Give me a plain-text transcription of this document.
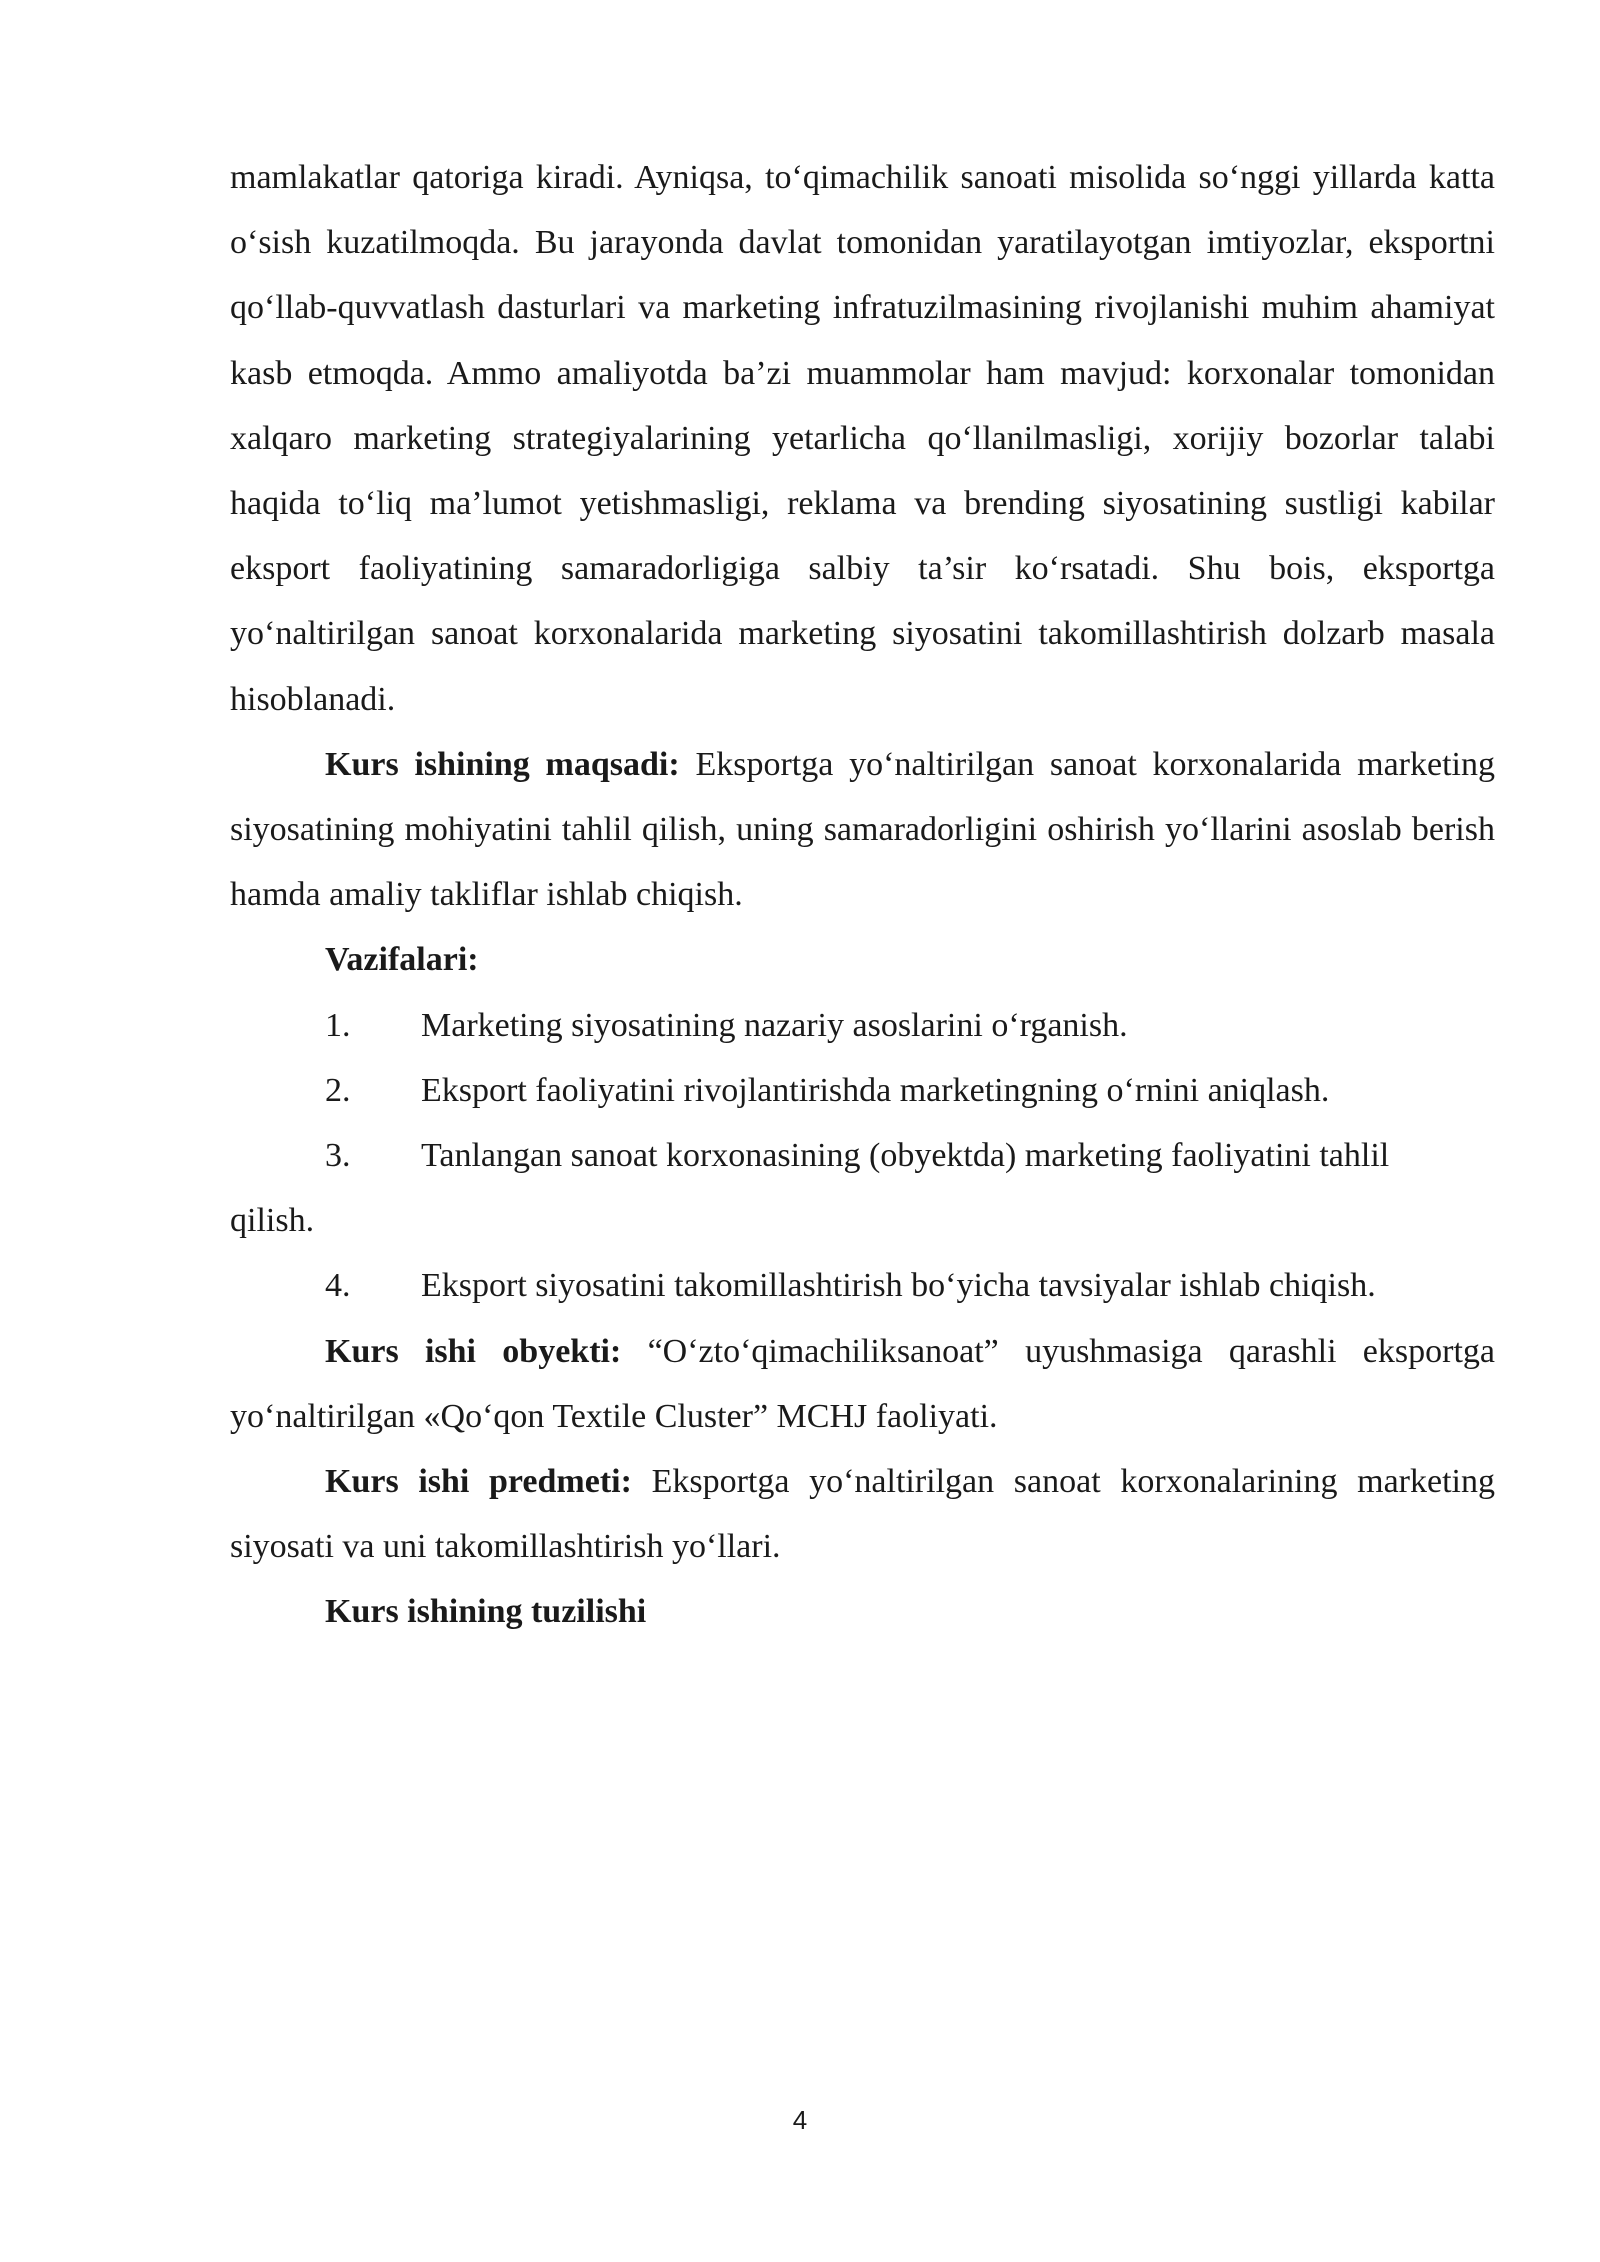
mamlakatlar qatoriga kiradi. Ayniqsa, to‘qimachilik sanoati misolida so‘nggi yillarda katta o‘sish kuzatilmoqda. Bu jarayonda davlat tomonidan yaratilayotgan imtiyozlar, eksportni qo‘llab-quvvatlash dasturlari va marketing infratuzilmasining rivojlanishi muhim ahamiyat kasb etmoqda. Ammo amaliyotda ba’zi muammolar ham mavjud: korxonalar tomonidan xalqaro marketing strategiyalarining yetarlicha qo‘llanilmasligi, xorijiy bozorlar talabi haqida to‘liq ma’lumot yetishmasligi, reklama va brending siyosatining sustligi kabilar eksport faoliyatining samaradorligiga salbiy ta’sir ko‘rsatadi. Shu bois, eksportga yo‘naltirilgan sanoat korxonalarida marketing siyosatini takomillashtirish dolzarb masala hisoblanadi.

Kurs ishining maqsadi: Eksportga yo‘naltirilgan sanoat korxonalarida marketing siyosatining mohiyatini tahlil qilish, uning samaradorligini oshirish yo‘llarini asoslab berish hamda amaliy takliflar ishlab chiqish.

Vazifalari:

1. Marketing siyosatining nazariy asoslarini o‘rganish.

2. Eksport faoliyatini rivojlantirishda marketingning o‘rnini aniqlash.

3. Tanlangan sanoat korxonasining (obyektda) marketing faoliyatini tahlil

qilish.

4. Eksport siyosatini takomillashtirish bo‘yicha tavsiyalar ishlab chiqish.

Kurs ishi obyekti: “O‘zto‘qimachiliksanoat” uyushmasiga qarashli eksportga yo‘naltirilgan «Qo‘qon Textile Cluster” MCHJ faoliyati.

Kurs ishi predmeti: Eksportga yo‘naltirilgan sanoat korxonalarining marketing siyosati va uni takomillashtirish yo‘llari.

Kurs ishining tuzilishi

4
